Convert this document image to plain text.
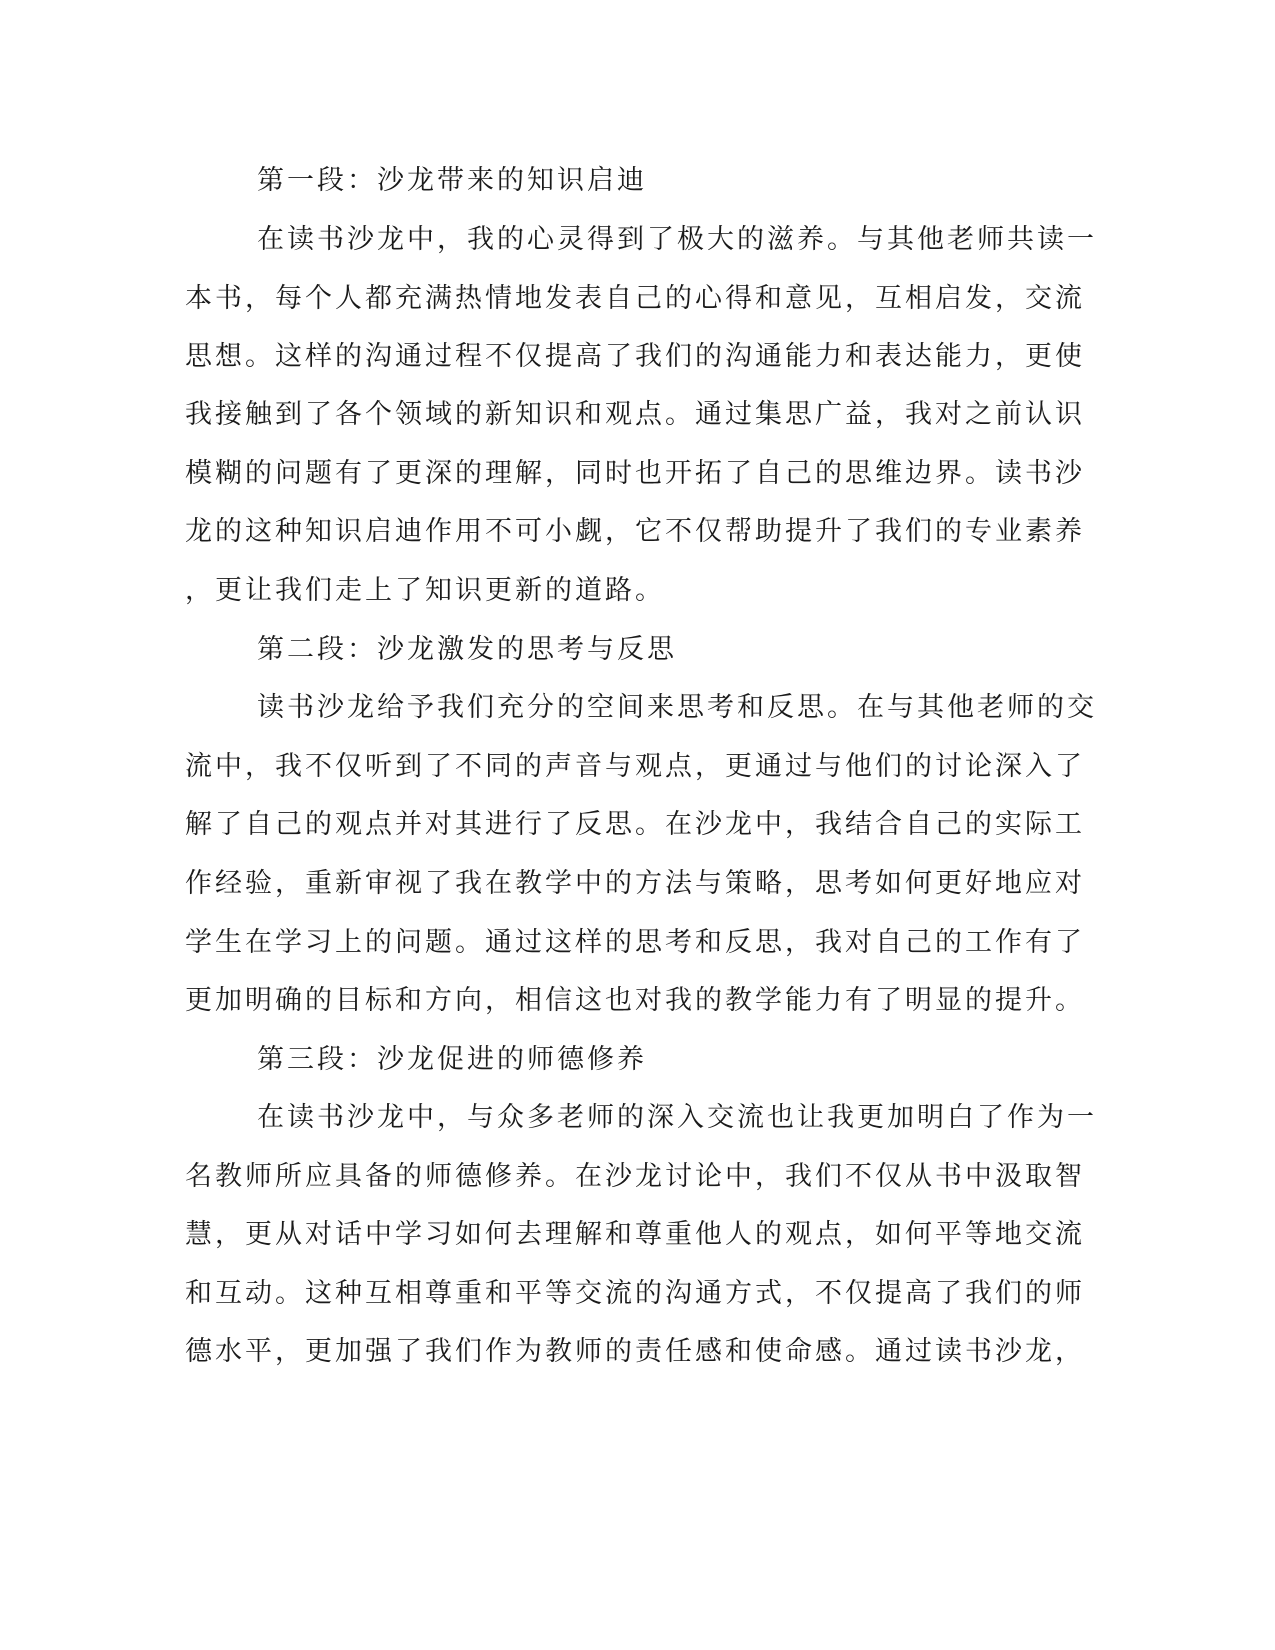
第一段：沙龙带来的知识启迪

在读书沙龙中，我的心灵得到了极大的滋养。与其他老师共读一

本书，每个人都充满热情地发表自己的心得和意见，互相启发，交流

思想。这样的沟通过程不仅提高了我们的沟通能力和表达能力，更使

我接触到了各个领域的新知识和观点。通过集思广益，我对之前认识

模糊的问题有了更深的理解，同时也开拓了自己的思维边界。读书沙

龙的这种知识启迪作用不可小觑，它不仅帮助提升了我们的专业素养

，更让我们走上了知识更新的道路。

第二段：沙龙激发的思考与反思

读书沙龙给予我们充分的空间来思考和反思。在与其他老师的交

流中，我不仅听到了不同的声音与观点，更通过与他们的讨论深入了

解了自己的观点并对其进行了反思。在沙龙中，我结合自己的实际工

作经验，重新审视了我在教学中的方法与策略，思考如何更好地应对

学生在学习上的问题。通过这样的思考和反思，我对自己的工作有了

更加明确的目标和方向，相信这也对我的教学能力有了明显的提升。

第三段：沙龙促进的师德修养

在读书沙龙中，与众多老师的深入交流也让我更加明白了作为一

名教师所应具备的师德修养。在沙龙讨论中，我们不仅从书中汲取智

慧，更从对话中学习如何去理解和尊重他人的观点，如何平等地交流

和互动。这种互相尊重和平等交流的沟通方式，不仅提高了我们的师

德水平，更加强了我们作为教师的责任感和使命感。通过读书沙龙，
